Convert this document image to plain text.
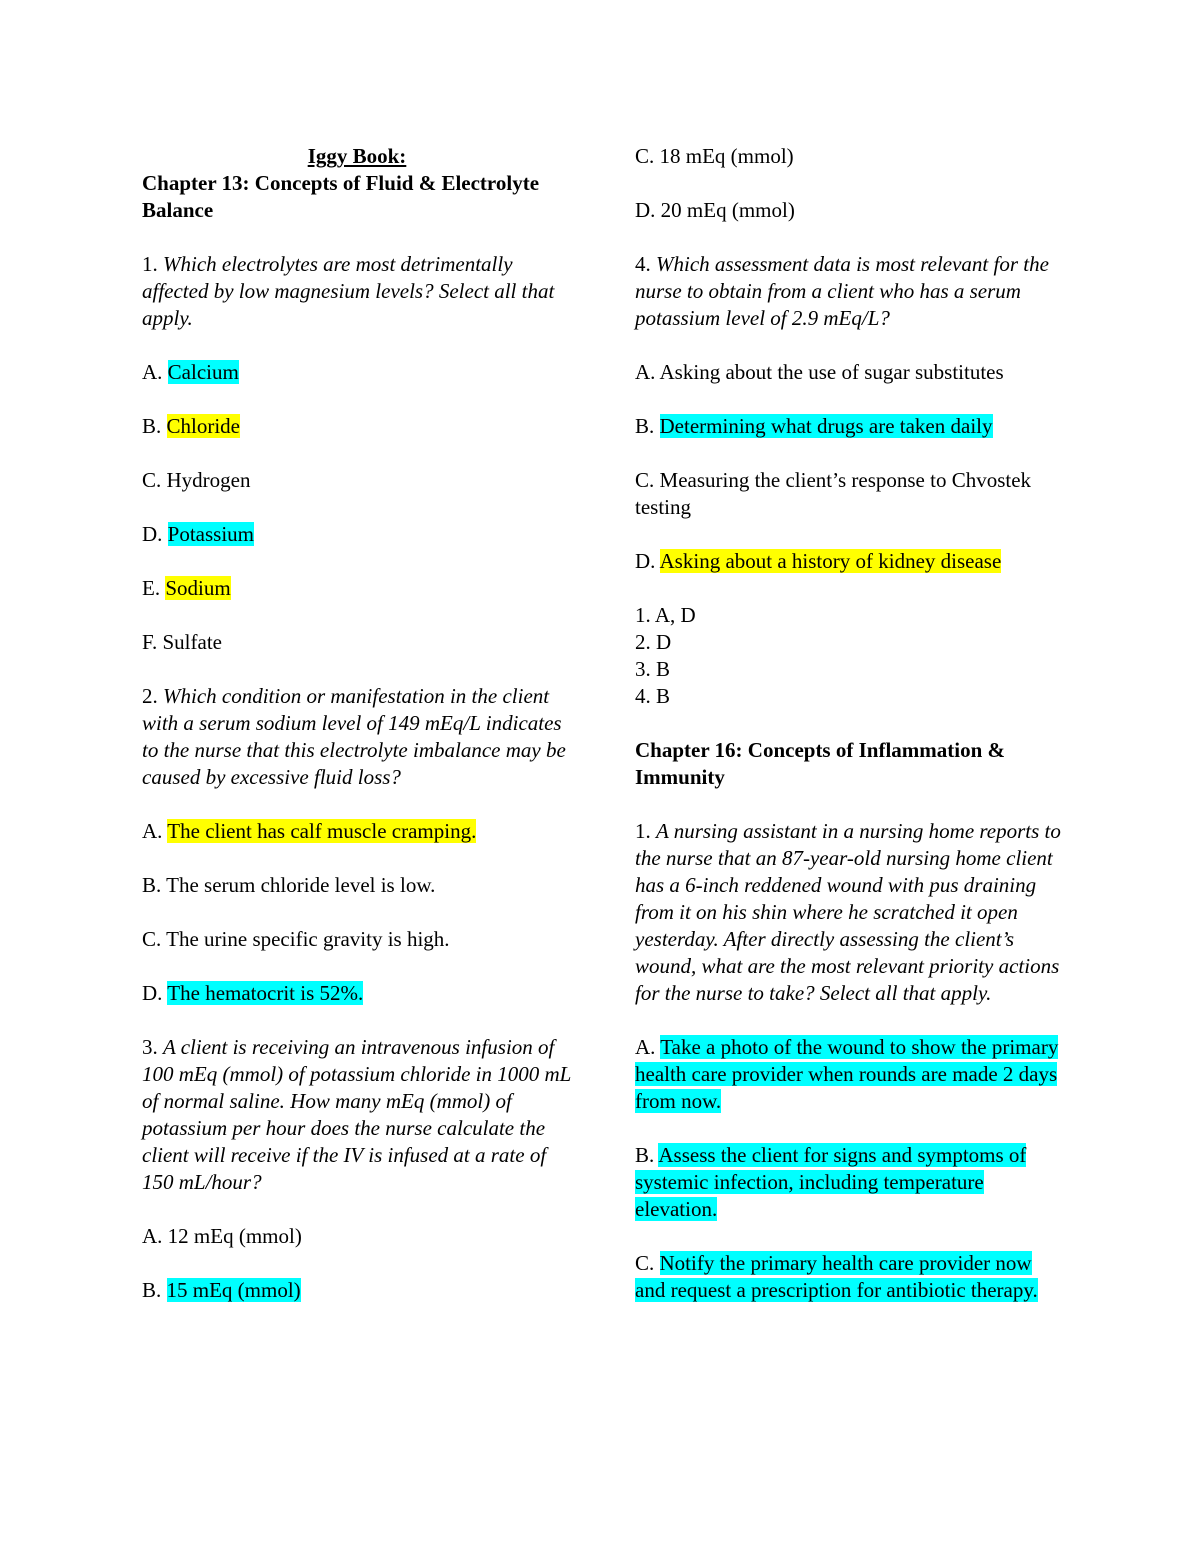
Iggy Book:

Chapter 13: Concepts of Fluid & Electrolyte Balance

1. Which electrolytes are most detrimentally affected by low magnesium levels? Select all that apply.

A. Calcium

B. Chloride

C. Hydrogen

D. Potassium

E. Sodium

F. Sulfate

2. Which condition or manifestation in the client with a serum sodium level of 149 mEq/L indicates to the nurse that this electrolyte imbalance may be caused by excessive fluid loss?

A. The client has calf muscle cramping.

B. The serum chloride level is low.

C. The urine specific gravity is high.

D. The hematocrit is 52%.

3. A client is receiving an intravenous infusion of 100 mEq (mmol) of potassium chloride in 1000 mL of normal saline. How many mEq (mmol) of potassium per hour does the nurse calculate the client will receive if the IV is infused at a rate of 150 mL/hour?

A. 12 mEq (mmol)

B. 15 mEq (mmol)

C. 18 mEq (mmol)

D. 20 mEq (mmol)

4. Which assessment data is most relevant for the nurse to obtain from a client who has a serum potassium level of 2.9 mEq/L?

A. Asking about the use of sugar substitutes

B. Determining what drugs are taken daily

C. Measuring the client’s response to Chvostek testing

D. Asking about a history of kidney disease

1. A, D
2. D
3. B
4. B

Chapter 16: Concepts of Inflammation & Immunity

1. A nursing assistant in a nursing home reports to the nurse that an 87-year-old nursing home client has a 6-inch reddened wound with pus draining from it on his shin where he scratched it open yesterday. After directly assessing the client’s wound, what are the most relevant priority actions for the nurse to take? Select all that apply.

A. Take a photo of the wound to show the primary health care provider when rounds are made 2 days from now.

B. Assess the client for signs and symptoms of systemic infection, including temperature elevation.

C. Notify the primary health care provider now and request a prescription for antibiotic therapy.
